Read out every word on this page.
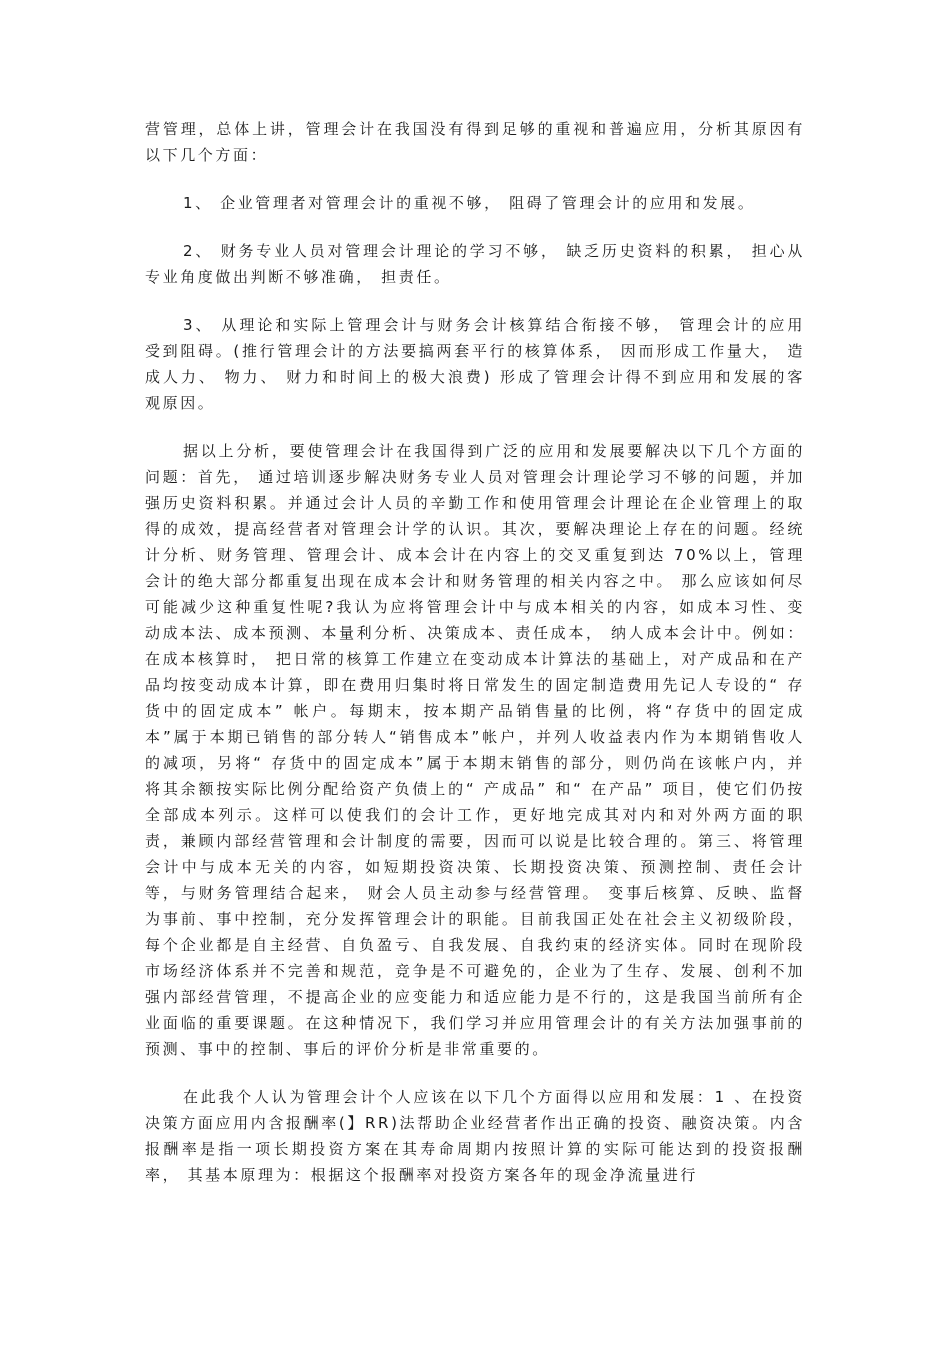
营管理，总体上讲，管理会计在我国没有得到足够的重视和普遍应用，分析其原因有以下几个方面：

1、 企业管理者对管理会计的重视不够， 阻碍了管理会计的应用和发展。

2、 财务专业人员对管理会计理论的学习不够， 缺乏历史资料的积累， 担心从专业角度做出判断不够准确， 担责任。

3、 从理论和实际上管理会计与财务会计核算结合衔接不够， 管理会计的应用受到阻碍。(推行管理会计的方法要搞两套平行的核算体系， 因而形成工作量大， 造成人力、 物力、 财力和时间上的极大浪费) 形成了管理会计得不到应用和发展的客观原因。

据以上分析，要使管理会计在我国得到广泛的应用和发展要解决以下几个方面的问题：首先， 通过培训逐步解决财务专业人员对管理会计理论学习不够的问题，并加强历史资料积累。并通过会计人员的辛勤工作和使用管理会计理论在企业管理上的取得的成效，提高经营者对管理会计学的认识。其次，要解决理论上存在的问题。经统计分析、财务管理、管理会计、成本会计在内容上的交叉重复到达 70%以上，管理会计的绝大部分都重复出现在成本会计和财务管理的相关内容之中。 那么应该如何尽可能减少这种重复性呢?我认为应将管理会计中与成本相关的内容，如成本习性、变动成本法、成本预测、本量利分析、决策成本、责任成本， 纳人成本会计中。例如：在成本核算时， 把日常的核算工作建立在变动成本计算法的基础上，对产成品和在产品均按变动成本计算，即在费用归集时将日常发生的固定制造费用先记人专设的“ 存货中的固定成本” 帐户。每期末，按本期产品销售量的比例，将“存货中的固定成本”属于本期已销售的部分转人“销售成本”帐户，并列人收益表内作为本期销售收人的减项，另将“ 存货中的固定成本”属于本期末销售的部分，则仍尚在该帐户内，并将其余额按实际比例分配给资产负债上的“ 产成品” 和“ 在产品” 项目，使它们仍按全部成本列示。这样可以使我们的会计工作，更好地完成其对内和对外两方面的职责，兼顾内部经营管理和会计制度的需要，因而可以说是比较合理的。第三、将管理会计中与成本无关的内容，如短期投资决策、长期投资决策、预测控制、责任会计等，与财务管理结合起来， 财会人员主动参与经营管理。 变事后核算、反映、监督为事前、事中控制，充分发挥管理会计的职能。目前我国正处在社会主义初级阶段，每个企业都是自主经营、自负盈亏、自我发展、自我约束的经济实体。同时在现阶段市场经济体系并不完善和规范，竞争是不可避免的，企业为了生存、发展、创利不加强内部经营管理，不提高企业的应变能力和适应能力是不行的，这是我国当前所有企业面临的重要课题。在这种情况下，我们学习并应用管理会计的有关方法加强事前的预测、事中的控制、事后的评价分析是非常重要的。

在此我个人认为管理会计个人应该在以下几个方面得以应用和发展：1 、在投资决策方面应用内含报酬率(】RR)法帮助企业经营者作出正确的投资、融资决策。内含报酬率是指一项长期投资方案在其寿命周期内按照计算的实际可能达到的投资报酬率， 其基本原理为：根据这个报酬率对投资方案各年的现金净流量进行
